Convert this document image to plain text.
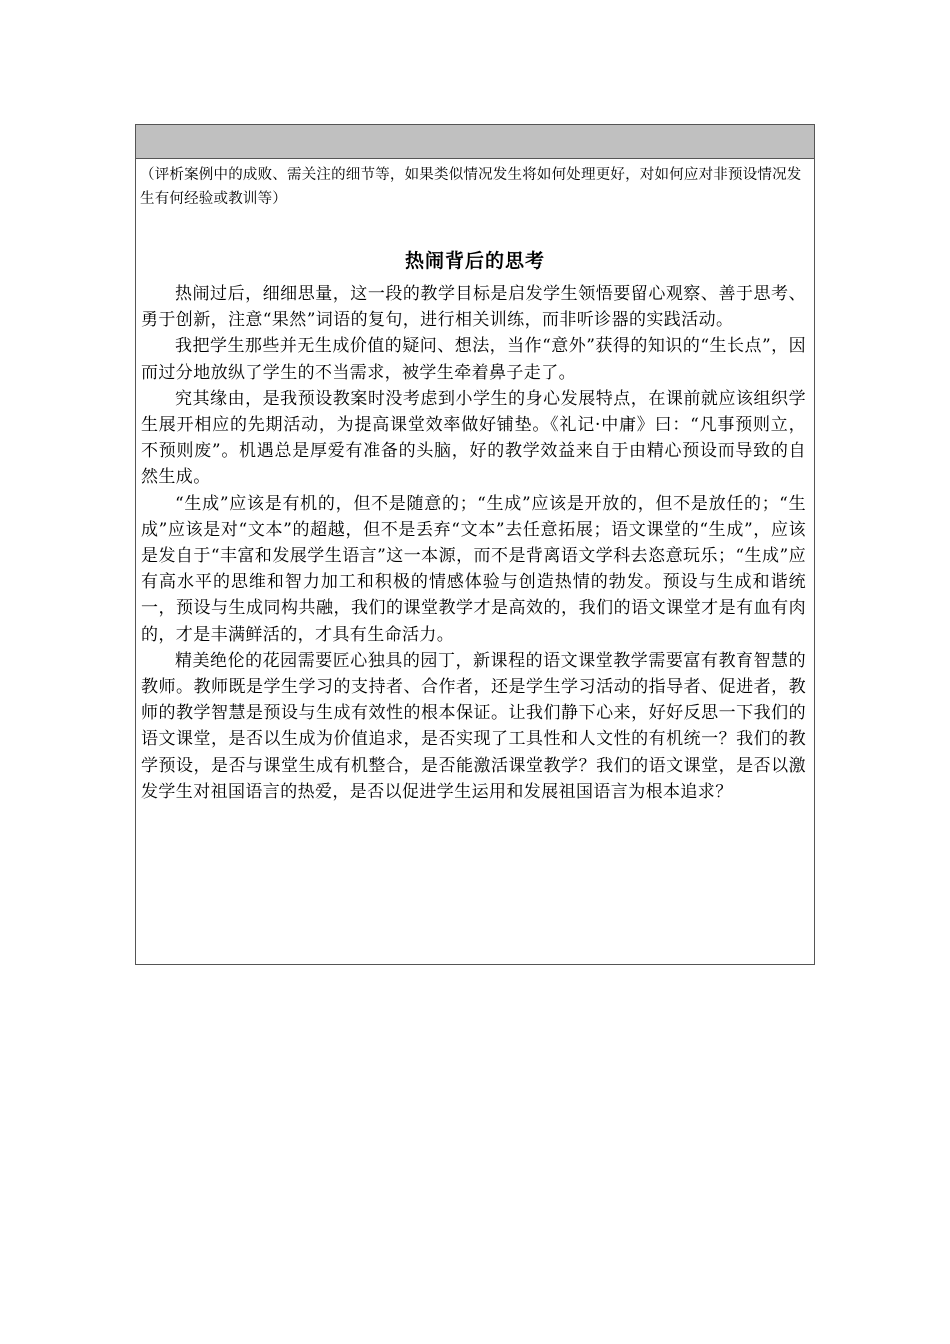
（评析案例中的成败、需关注的细节等，如果类似情况发生将如何处理更好，对如何应对非预设情况发生有何经验或教训等）
热闹背后的思考

热闹过后，细细思量，这一段的教学目标是启发学生领悟要留心观察、善于思考、勇于创新，注意“果然”词语的复句，进行相关训练，而非听诊器的实践活动。

我把学生那些并无生成价值的疑问、想法，当作“意外”获得的知识的“生长点”，因而过分地放纵了学生的不当需求，被学生牵着鼻子走了。

究其缘由，是我预设教案时没考虑到小学生的身心发展特点，在课前就应该组织学生展开相应的先期活动，为提高课堂效率做好铺垫。《礼记·中庸》曰：“凡事预则立，不预则废”。机遇总是厚爱有准备的头脑，好的教学效益来自于由精心预设而导致的自然生成。

“生成”应该是有机的，但不是随意的；“生成”应该是开放的，但不是放任的；“生成”应该是对“文本”的超越，但不是丢弃“文本”去任意拓展；语文课堂的“生成”，应该是发自于“丰富和发展学生语言”这一本源，而不是背离语文学科去恣意玩乐；“生成”应有高水平的思维和智力加工和积极的情感体验与创造热情的勃发。预设与生成和谐统一，预设与生成同构共融，我们的课堂教学才是高效的，我们的语文课堂才是有血有肉的，才是丰满鲜活的，才具有生命活力。

精美绝伦的花园需要匠心独具的园丁，新课程的语文课堂教学需要富有教育智慧的教师。教师既是学生学习的支持者、合作者，还是学生学习活动的指导者、促进者，教师的教学智慧是预设与生成有效性的根本保证。让我们静下心来，好好反思一下我们的语文课堂，是否以生成为价值追求，是否实现了工具性和人文性的有机统一？我们的教学预设，是否与课堂生成有机整合，是否能激活课堂教学？我们的语文课堂，是否以激发学生对祖国语言的热爱，是否以促进学生运用和发展祖国语言为根本追求？
